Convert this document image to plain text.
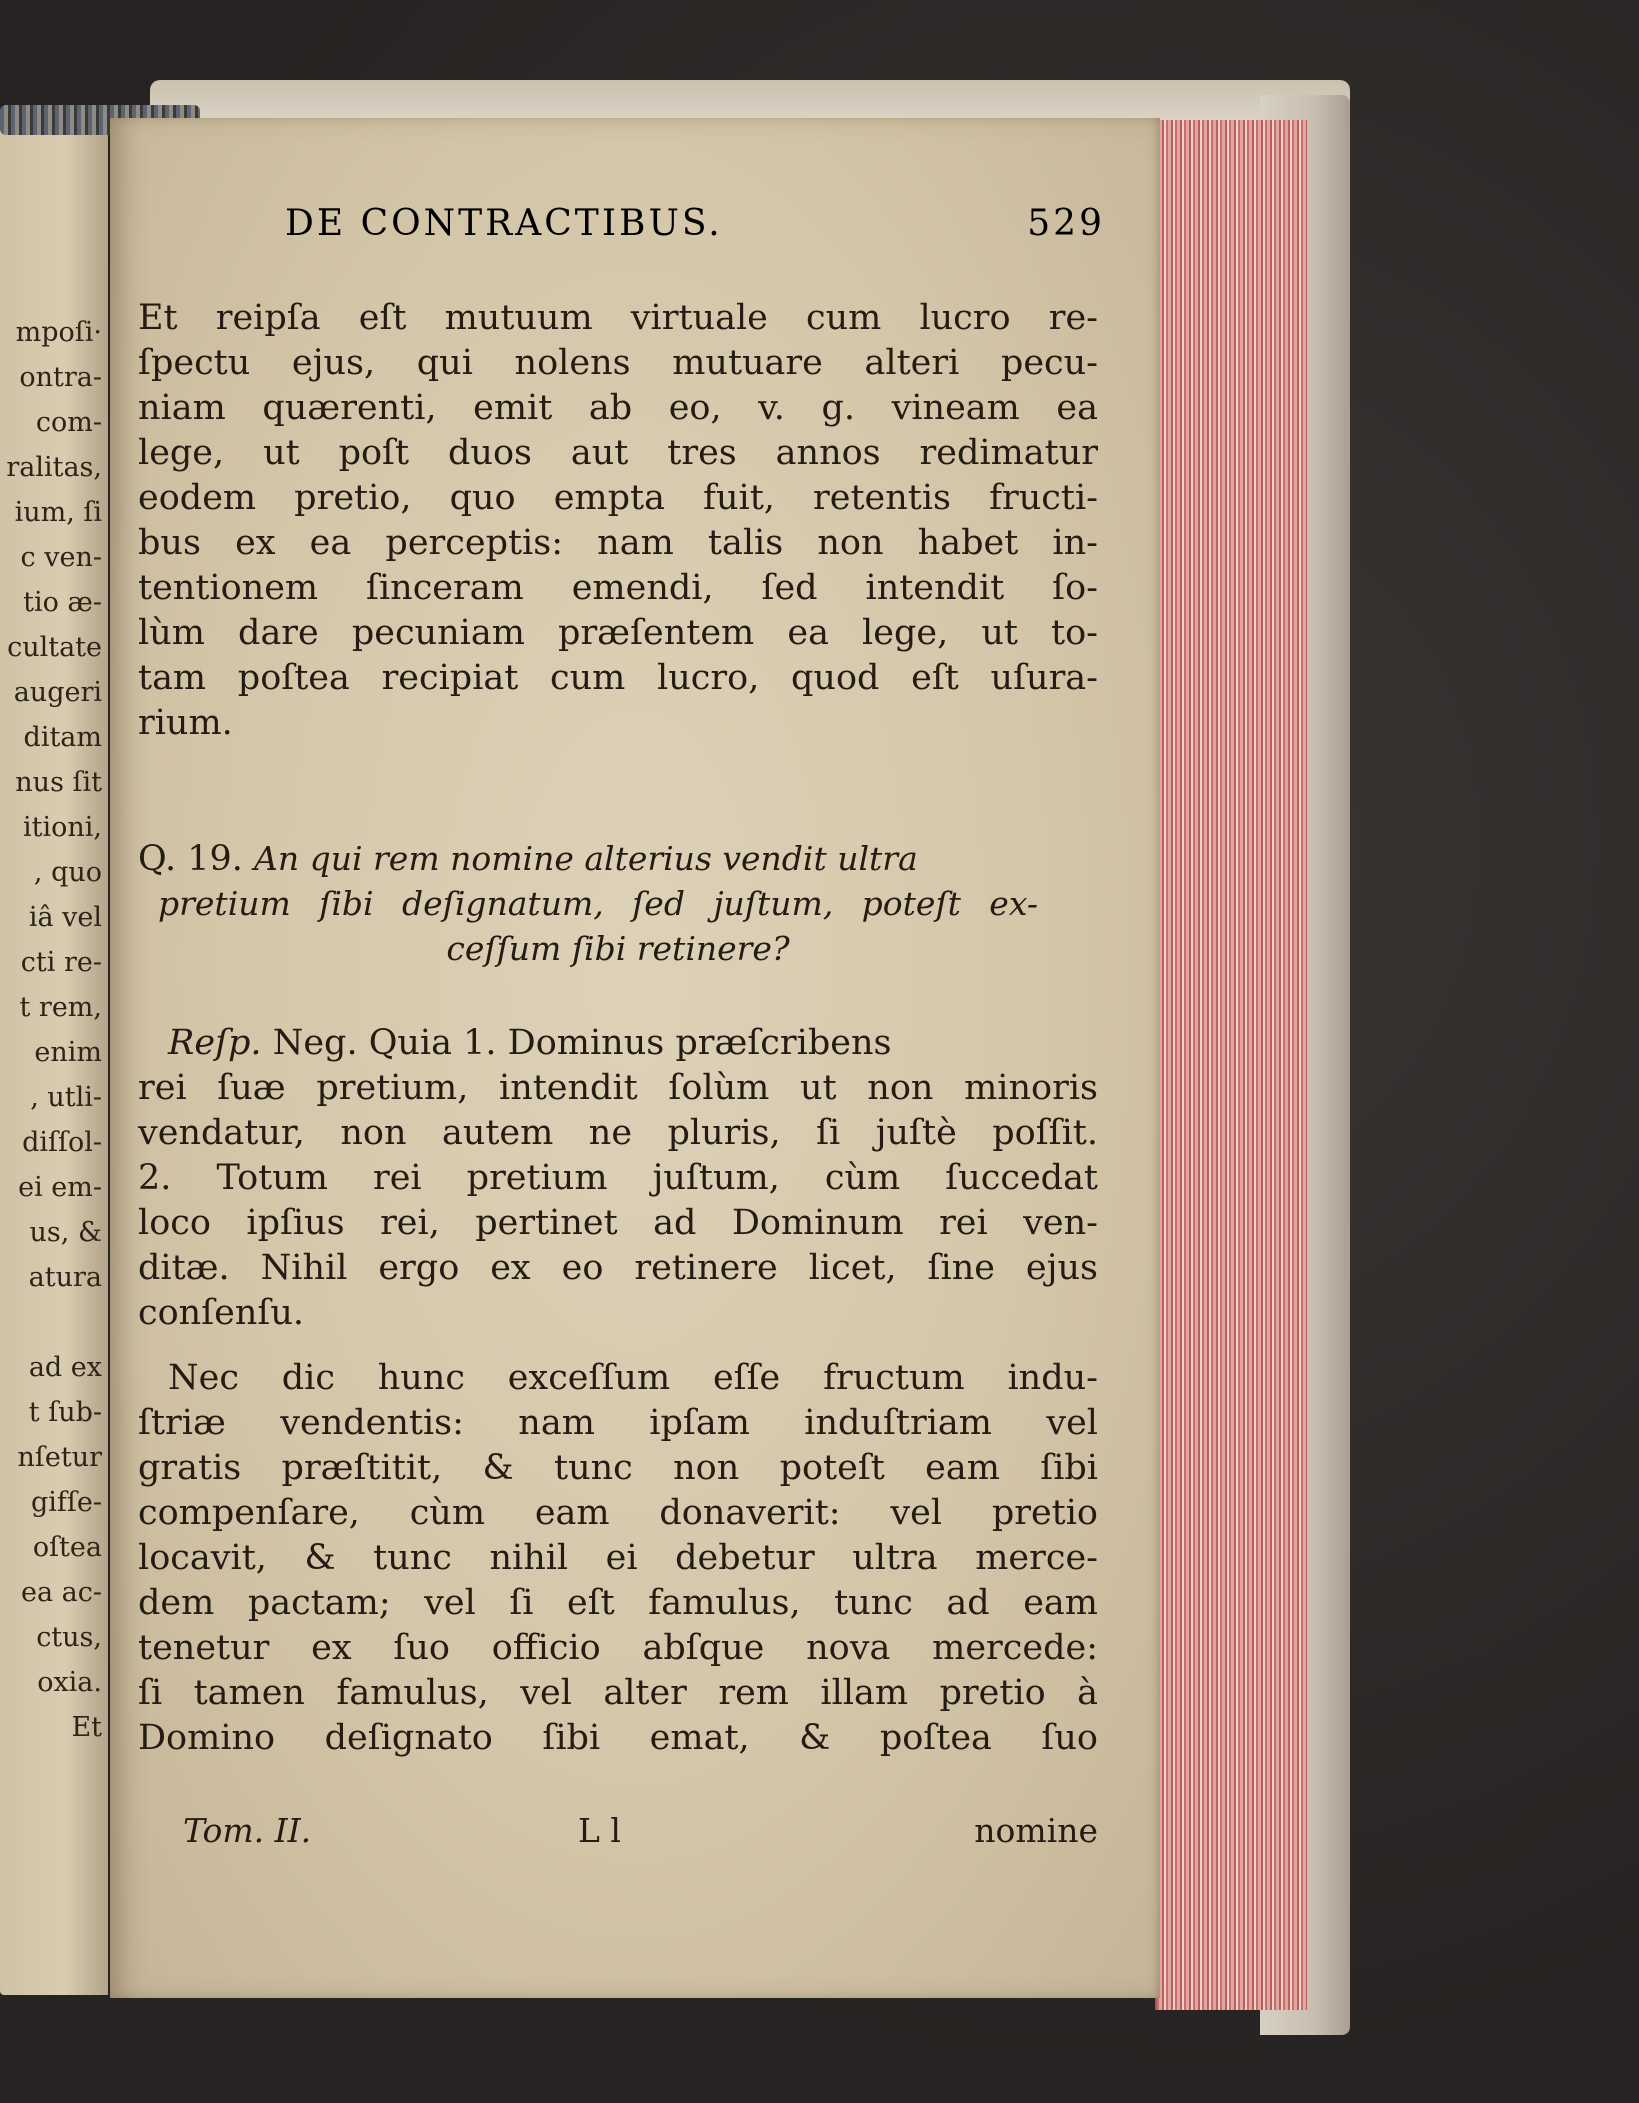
mpoſi·
ontra-
com-
ralitas,
ium, ſi
c ven-
tio æ-
cultate
augeri
ditam
nus ſit
itioni,
, quo
iâ vel
cti re-
t rem,
enim
, utli-
diſſol-
ei em-
us, &
atura

ad ex
t ſub-
nſetur
gifſe-
oſtea
ea ac-
ctus,
oxia.
Et
DE CONTRACTIBUS.	529
Et reipſa eſt mutuum virtuale cum lucro re-
ſpectu ejus, qui nolens mutuare alteri pecu-
niam quærenti, emit ab eo, v. g. vineam ea
lege, ut poſt duos aut tres annos redimatur
eodem pretio, quo empta fuit, retentis fructi-
bus ex ea perceptis: nam talis non habet in-
tentionem ſinceram emendi, ſed intendit ſo-
lùm dare pecuniam præſentem ea lege, ut to-
tam poſtea recipiat cum lucro, quod eſt uſura-
rium.
Q. 19. An qui rem nomine alterius vendit ultra
pretium ſibi deſignatum, ſed juſtum, poteſt ex-
ceſſum ſibi retinere?
Reſp. Neg. Quia 1. Dominus præſcribens
rei ſuæ pretium, intendit ſolùm ut non minoris
vendatur, non autem ne pluris, ſi juſtè poſſit.
2. Totum rei pretium juſtum, cùm ſuccedat
loco ipſius rei, pertinet ad Dominum rei ven-
ditæ. Nihil ergo ex eo retinere licet, ſine ejus
conſenſu.
Nec dic hunc exceſſum eſſe fructum indu-
ſtriæ vendentis: nam ipſam induſtriam vel
gratis præſtitit, & tunc non poteſt eam ſibi
compenſare, cùm eam donaverit: vel pretio
locavit, & tunc nihil ei debetur ultra merce-
dem pactam; vel ſi eſt famulus, tunc ad eam
tenetur ex ſuo officio abſque nova mercede:
ſi tamen famulus, vel alter rem illam pretio à
Domino deſignato ſibi emat, & poſtea ſuo
Tom. II.	L l	nomine
